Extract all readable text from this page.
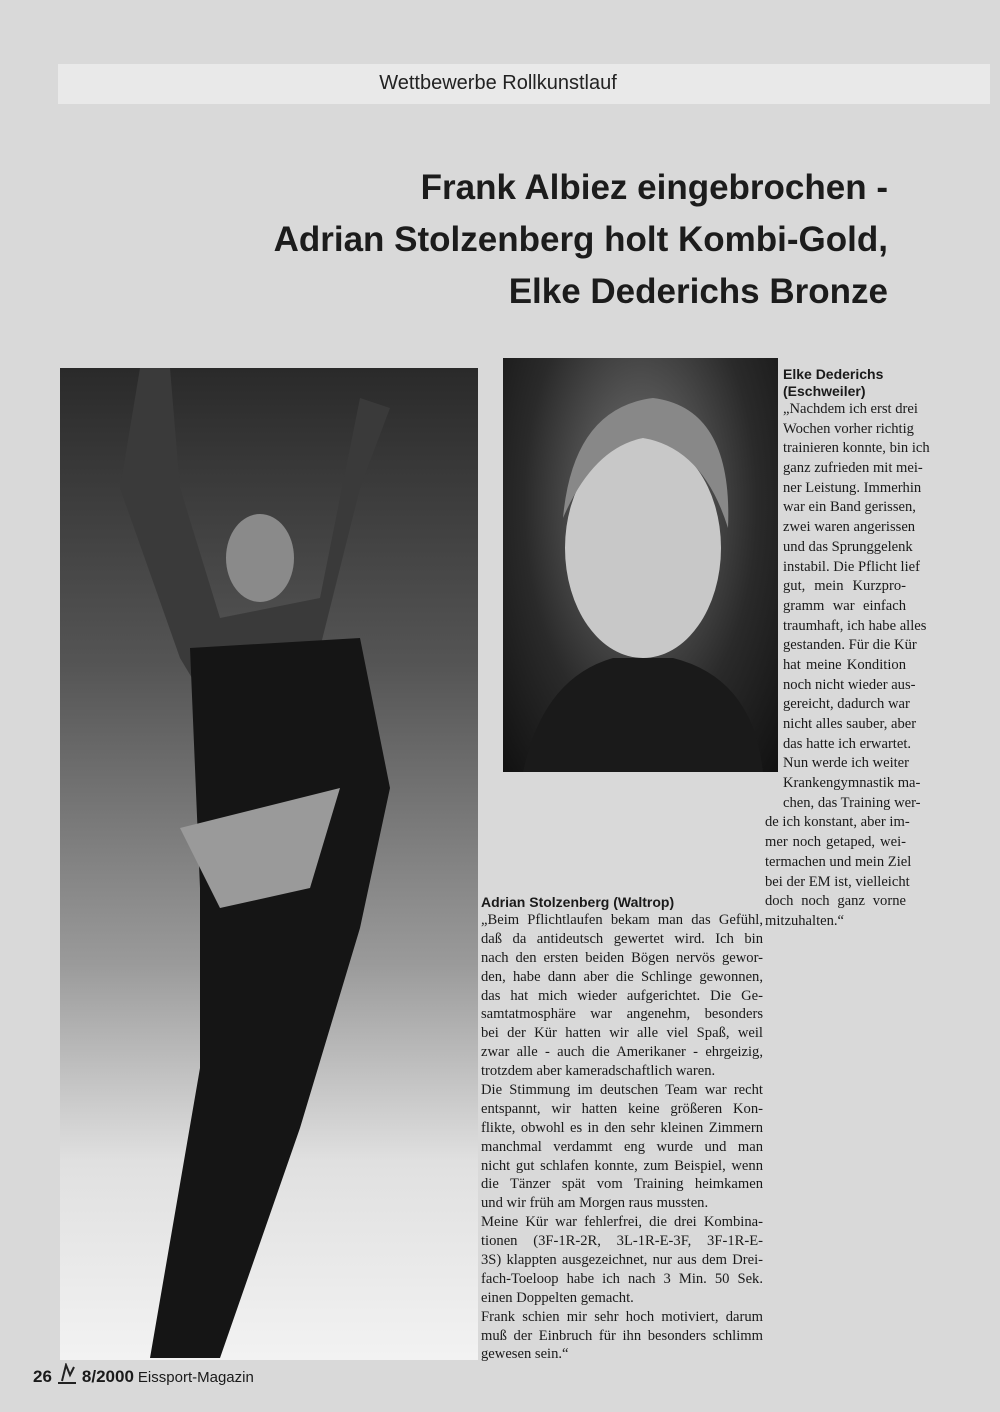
Wettbewerbe Rollkunstlauf
Frank Albiez eingebrochen -
Adrian Stolzenberg holt Kombi-Gold,
Elke Dederichs Bronze
Elke Dederichs
(Eschweiler)
„Nachdem ich erst drei
Wochen vorher richtig
trainieren konnte, bin ich
ganz zufrieden mit mei-
ner Leistung. Immerhin
war ein Band gerissen,
zwei waren angerissen
und das Sprunggelenk
instabil. Die Pflicht lief
gut, mein Kurzpro-
gramm war einfach
traumhaft, ich habe alles
gestanden. Für die Kür
hat meine Kondition
noch nicht wieder aus-
gereicht, dadurch war
nicht alles sauber, aber
das hatte ich erwartet.
Nun werde ich weiter
Krankengymnastik ma-
chen, das Training wer-
de ich konstant, aber im-
mer noch getaped, wei-
termachen und mein Ziel
bei der EM ist, vielleicht
doch noch ganz vorne
mitzuhalten.“
Adrian Stolzenberg (Waltrop)
„Beim Pflichtlaufen bekam man das Gefühl,
daß da antideutsch gewertet wird. Ich bin
nach den ersten beiden Bögen nervös gewor-
den, habe dann aber die Schlinge gewonnen,
das hat mich wieder aufgerichtet. Die Ge-
samtatmosphäre war angenehm, besonders
bei der Kür hatten wir alle viel Spaß, weil
zwar alle - auch die Amerikaner - ehrgeizig,
trotzdem aber kameradschaftlich waren.
Die Stimmung im deutschen Team war recht
entspannt, wir hatten keine größeren Kon-
flikte, obwohl es in den sehr kleinen Zimmern
manchmal verdammt eng wurde und man
nicht gut schlafen konnte, zum Beispiel, wenn
die Tänzer spät vom Training heimkamen
und wir früh am Morgen raus mussten.
Meine Kür war fehlerfrei, die drei Kombina-
tionen (3F-1R-2R, 3L-1R-E-3F, 3F-1R-E-
3S) klappten ausgezeichnet, nur aus dem Drei-
fach-Toeloop habe ich nach 3 Min. 50 Sek.
einen Doppelten gemacht.
Frank schien mir sehr hoch motiviert, darum
muß der Einbruch für ihn besonders schlimm
gewesen sein.“
26 8/2000 Eissport-Magazin
